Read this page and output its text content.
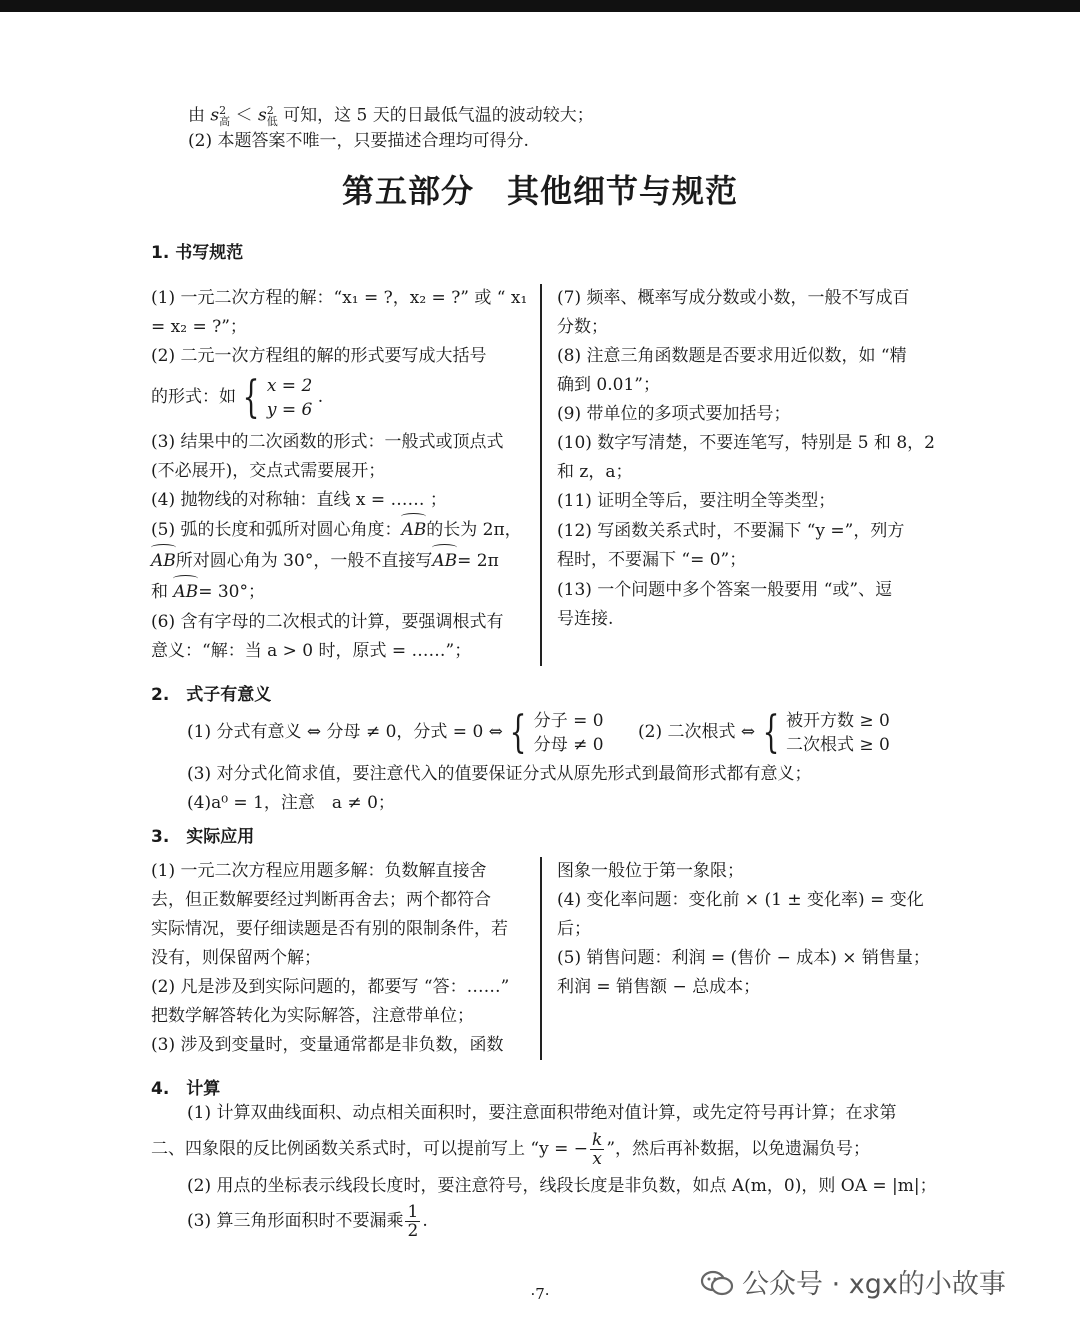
由 $s^2_高 < s^2_低$ 可知，这 5 天的日最低气温的波动较大；
(2) 本题答案不唯一，只要描述合理均可得分.
第五部分　其他细节与规范
1. 书写规范
(1) 一元二次方程的解：“x₁ = ?，x₂ = ?” 或 “ x₁
= x₂ = ?”；
(2) 二元一次方程组的解的形式要写成大括号
的形式：如 { x = 2
y = 6
.
(3) 结果中的二次函数的形式：一般式或顶点式
(不必展开)，交点式需要展开；
(4) 抛物线的对称轴：直线 x = …… ；
(5) 弧的长度和弧所对圆心角度：AB的长为 2π，
AB所对圆心角为 30°，一般不直接写AB= 2π
和 AB= 30°；
(6) 含有字母的二次根式的计算，要强调根式有
意义：“解：当 a > 0 时，原式 = ……”；
(7) 频率、概率写成分数或小数，一般不写成百
分数；
(8) 注意三角函数题是否要求用近似数，如 “精
确到 0.01”；
(9) 带单位的多项式要加括号；
(10) 数字写清楚，不要连笔写，特别是 5 和 8，2
和 z，a；
(11) 证明全等后，要注明全等类型；
(12) 写函数关系式时，不要漏下 “y =”，列方
程时，不要漏下 “= 0”；
(13) 一个问题中多个答案一般要用 “或”、逗
号连接.
2.　式子有意义
(1) 分式有意义 ⇔ 分母 ≠ 0，分式 = 0 ⇔ { 分子 = 0
分母 ≠ 0
(2) 二次根式 ⇔ { 被开方数 ≥ 0
二次根式 ≥ 0
(3) 对分式化简求值，要注意代入的值要保证分式从原先形式到最简形式都有意义；
(4)a⁰ = 1，注意　a ≠ 0；
3.　实际应用
(1) 一元二次方程应用题多解：负数解直接舍
去，但正数解要经过判断再舍去；两个都符合
实际情况，要仔细读题是否有别的限制条件，若
没有，则保留两个解；
(2) 凡是涉及到实际问题的，都要写 “答：……”
把数学解答转化为实际解答，注意带单位；
(3) 涉及到变量时，变量通常都是非负数，函数
图象一般位于第一象限；
(4) 变化率问题：变化前 × (1 ± 变化率) = 变化
后；
(5) 销售问题：利润 = (售价 − 成本) × 销售量；
利润 = 销售额 − 总成本；
4.　计算
(1) 计算双曲线面积、动点相关面积时，要注意面积带绝对值计算，或先定符号再计算；在求第
二、四象限的反比例函数关系式时，可以提前写上 “y = − $\frac{k}{x}$ ”，然后再补数据，以免遗漏负号；
(2) 用点的坐标表示线段长度时，要注意符号，线段长度是非负数，如点 A(m，0)，则 OA = |m|；
(3) 算三角形面积时不要漏乘 $\frac{1}{2}$ .
公众号 · xgx的小故事
·7·
